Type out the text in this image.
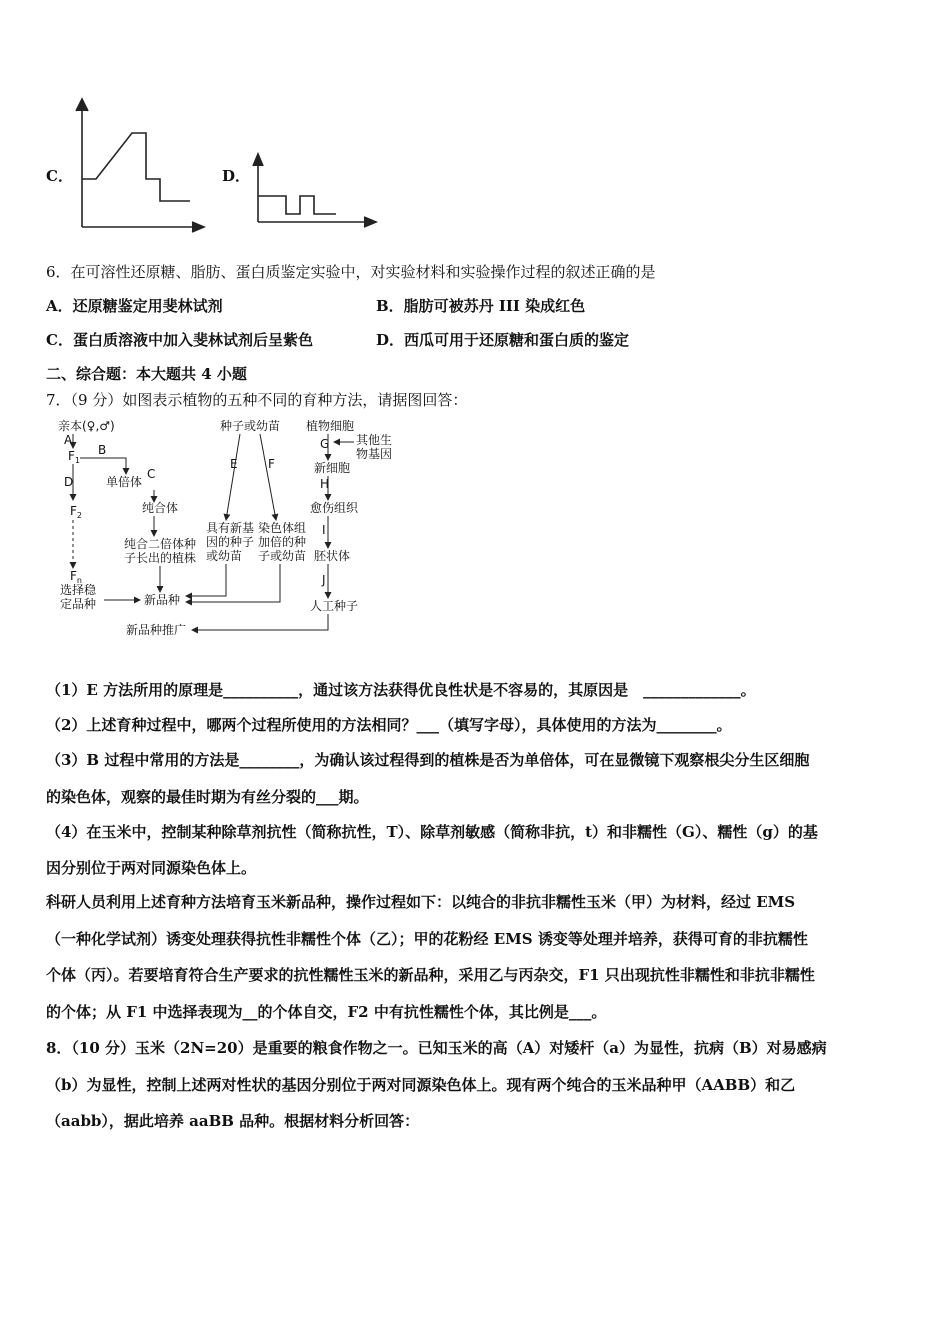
C．	D．
6．在可溶性还原糖、脂肪、蛋白质鉴定实验中，对实验材料和实验操作过程的叙述正确的是
A．还原糖鉴定用斐林试剂	B．脂肪可被苏丹 III 染成红色
C．蛋白质溶液中加入斐林试剂后呈紫色	D．西瓜可用于还原糖和蛋白质的鉴定
二、综合题：本大题共 4 小题
7．（9 分）如图表示植物的五种不同的育种方法，请据图回答：
亲本(♀,♂)
A
$F_1$
B
单倍体
C
D
纯合体
$F_2$
纯合二倍体种
子长出的植株
$F_n$
选择稳
定品种	新品种
新品种推广
种子或幼苗
E	F
具有新基
因的种子
或幼苗
染色体组
加倍的种
子或幼苗
植物细胞
G 其他生
物基因
新细胞
H
愈伤组织
I
胚状体
J
人工种子
（1）E 方法所用的原理是__________，通过该方法获得优良性状是不容易的，其原因是　_____________。
（2）上述育种过程中，哪两个过程所使用的方法相同？___（填写字母），具体使用的方法为________。
（3）B 过程中常用的方法是________，为确认该过程得到的植株是否为单倍体，可在显微镜下观察根尖分生区细胞
的染色体，观察的最佳时期为有丝分裂的___期。
（4）在玉米中，控制某种除草剂抗性（简称抗性，T）、除草剂敏感（简称非抗，t）和非糯性（G）、糯性（g）的基
因分别位于两对同源染色体上。
科研人员利用上述育种方法培育玉米新品种，操作过程如下：以纯合的非抗非糯性玉米（甲）为材料，经过 EMS
（一种化学试剂）诱变处理获得抗性非糯性个体（乙）；甲的花粉经 EMS 诱变等处理并培养，获得可育的非抗糯性
个体（丙）。若要培育符合生产要求的抗性糯性玉米的新品种，采用乙与丙杂交，F1 只出现抗性非糯性和非抗非糯性
的个体；从 F1 中选择表现为__的个体自交，F2 中有抗性糯性个体，其比例是___。
8．（10 分）玉米（2N=20）是重要的粮食作物之一。已知玉米的高（A）对矮杆（a）为显性，抗病（B）对易感病
（b）为显性，控制上述两对性状的基因分别位于两对同源染色体上。现有两个纯合的玉米品种甲（AABB）和乙
（aabb），据此培养 aaBB 品种。根据材料分析回答：
